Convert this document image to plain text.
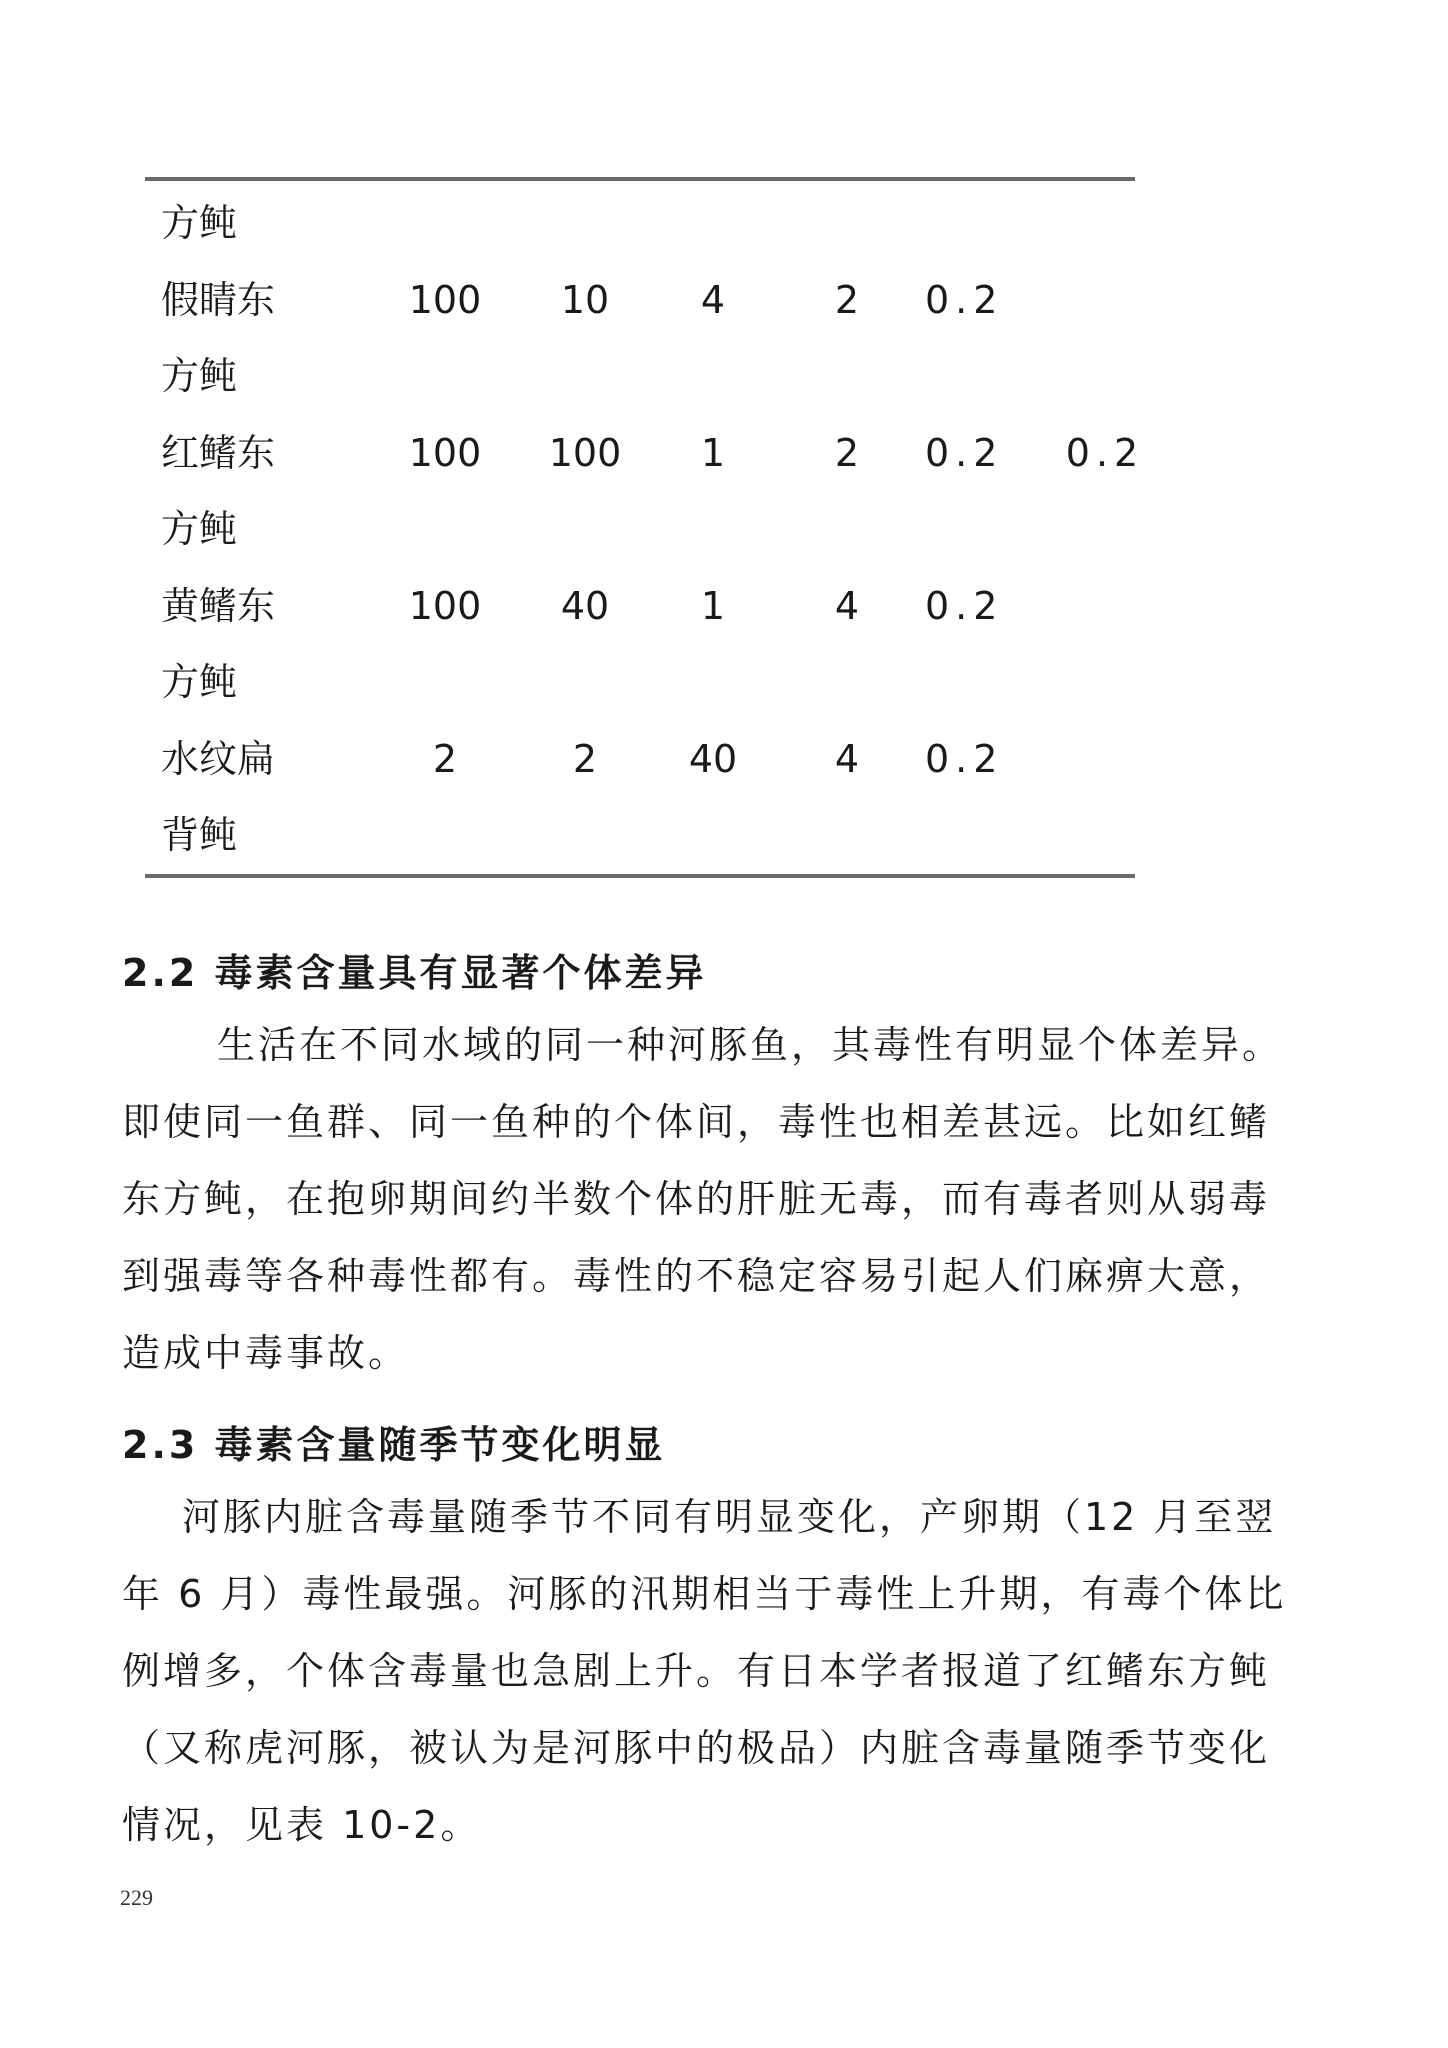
方鲀
假睛东	100	10	4	2	0.2
方鲀
红鳍东	100	100	1	2	0.2	0.2
方鲀
黄鳍东	100	40	1	4	0.2
方鲀
水纹扁	2	2	40	4	0.2
背鲀
2.2 毒素含量具有显著个体差异
生活在不同水域的同一种河豚鱼，其毒性有明显个体差异。
即使同一鱼群、同一鱼种的个体间，毒性也相差甚远。比如红鳍
东方鲀，在抱卵期间约半数个体的肝脏无毒，而有毒者则从弱毒
到强毒等各种毒性都有。毒性的不稳定容易引起人们麻痹大意，
造成中毒事故。
2.3 毒素含量随季节变化明显
河豚内脏含毒量随季节不同有明显变化，产卵期（12 月至翌
年 6 月）毒性最强。河豚的汛期相当于毒性上升期，有毒个体比
例增多，个体含毒量也急剧上升。有日本学者报道了红鳍东方鲀
（又称虎河豚，被认为是河豚中的极品）内脏含毒量随季节变化
情况，见表 10-2。
229
